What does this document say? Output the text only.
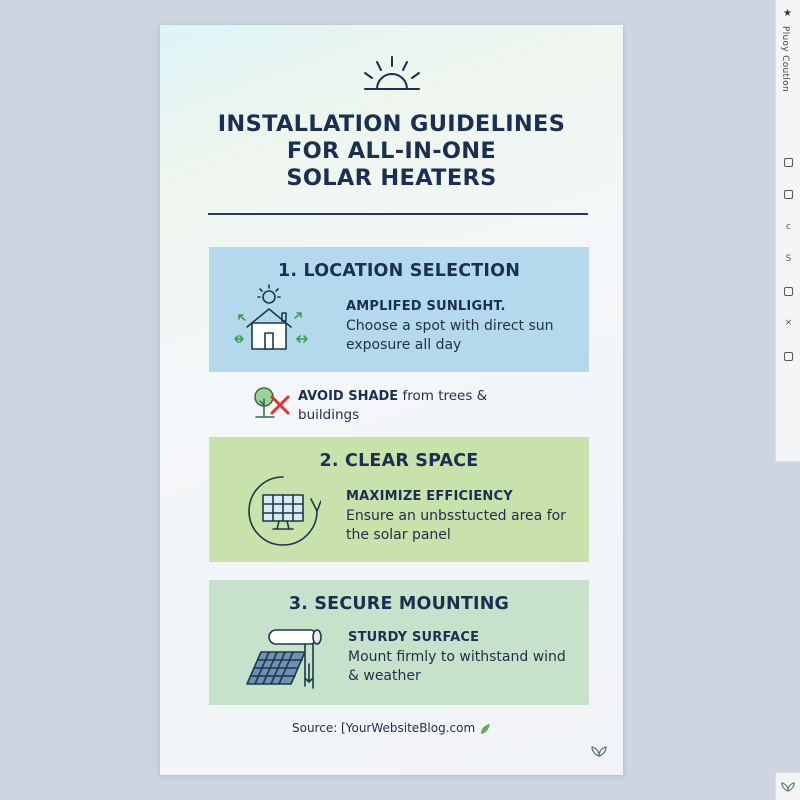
INSTALLATION GUIDELINES
FOR ALL-IN-ONE
SOLAR HEATERS
1. LOCATION SELECTION
AMPLIFED SUNLIGHT.
Choose a spot with direct sun exposure all day
AVOID SHADE from trees & buildings
2. CLEAR SPACE
MAXIMIZE EFFICIENCY
Ensure an unbsstucted area for the solar panel
3. SECURE MOUNTING
STURDY SURFACE
Mount firmly to withstand wind & weather
Source: [YourWebsiteBlog.com
★
Pluoy Coutlon
ⅽ
S
×
